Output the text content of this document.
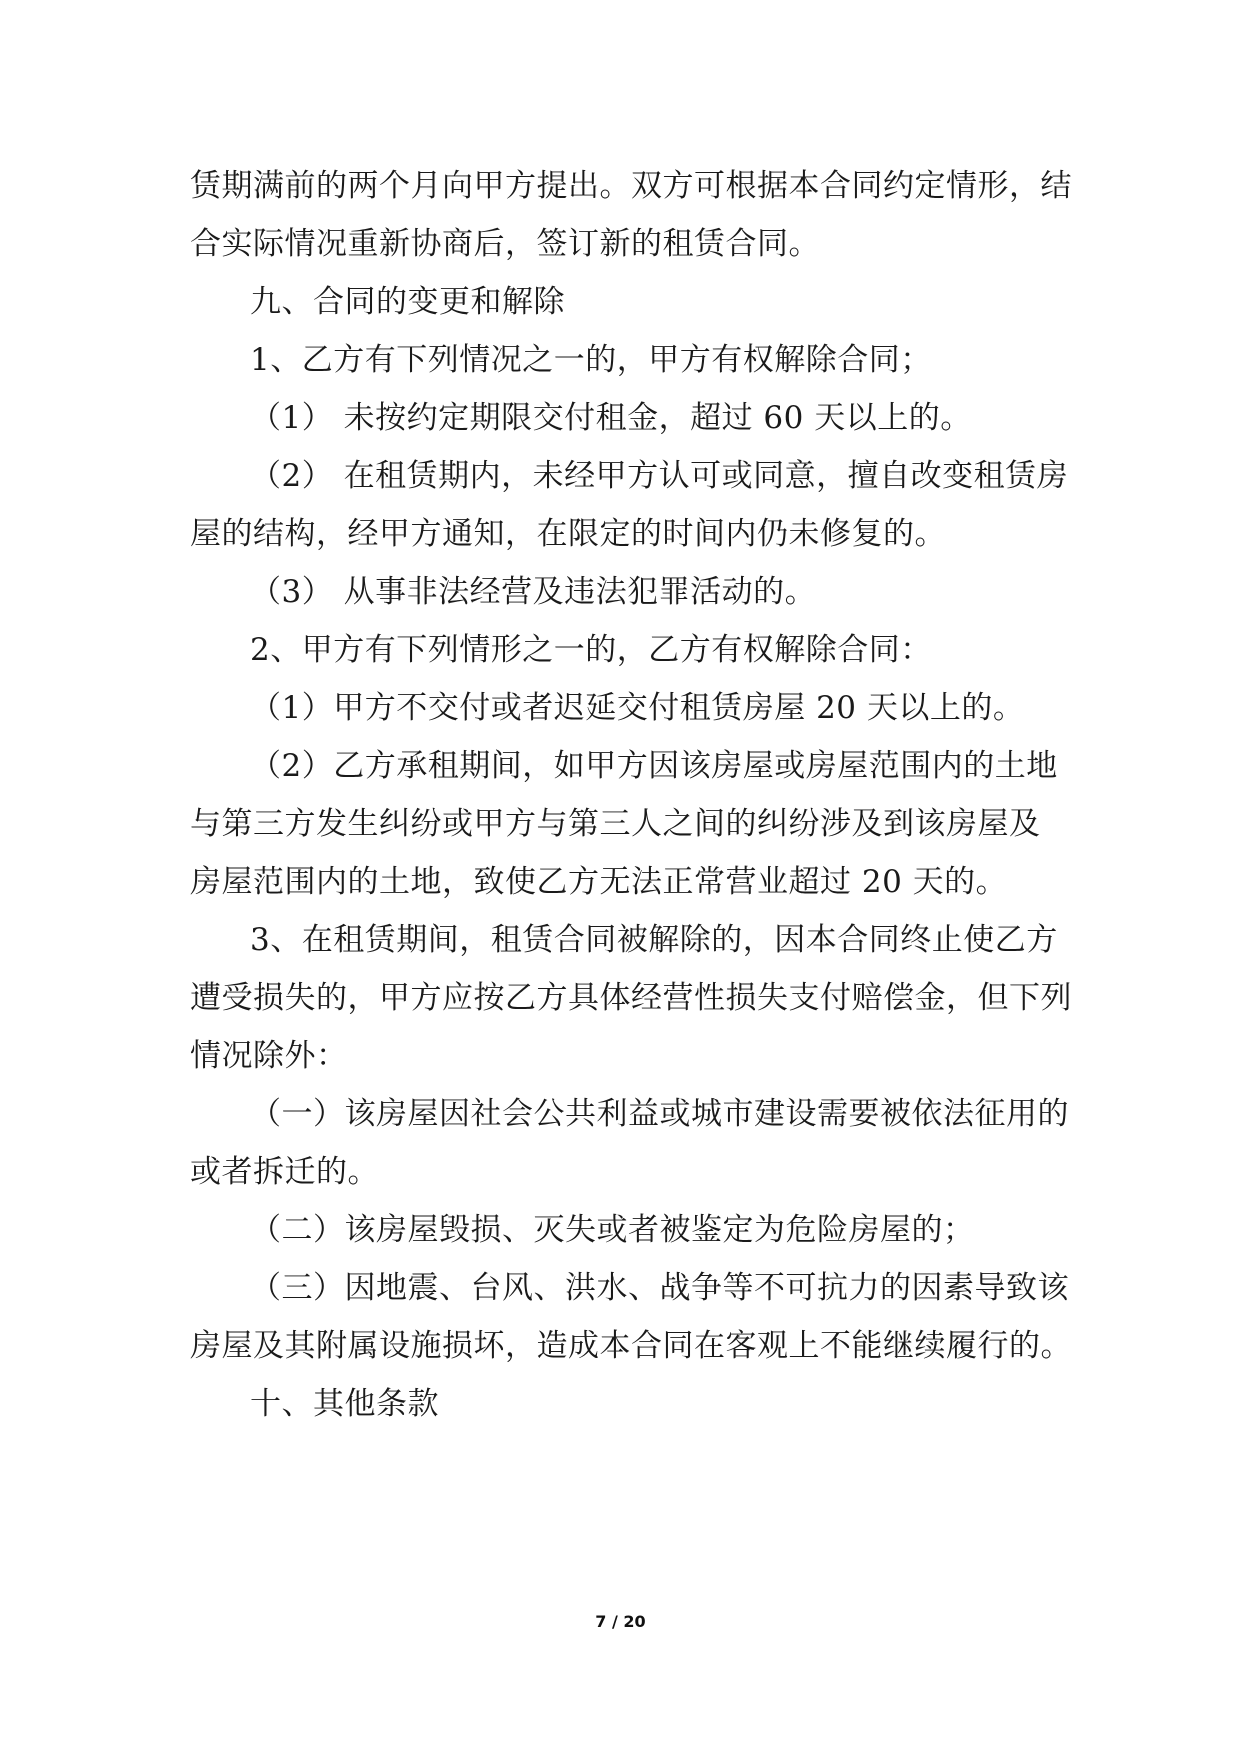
赁期满前的两个月向甲方提出。双方可根据本合同约定情形，结
合实际情况重新协商后，签订新的租赁合同。
九、合同的变更和解除
1、乙方有下列情况之一的，甲方有权解除合同；
（1） 未按约定期限交付租金，超过 60 天以上的。
（2） 在租赁期内，未经甲方认可或同意，擅自改变租赁房
屋的结构，经甲方通知，在限定的时间内仍未修复的。
（3） 从事非法经营及违法犯罪活动的。
2、甲方有下列情形之一的，乙方有权解除合同：
（1）甲方不交付或者迟延交付租赁房屋 20 天以上的。
（2）乙方承租期间，如甲方因该房屋或房屋范围内的土地
与第三方发生纠纷或甲方与第三人之间的纠纷涉及到该房屋及
房屋范围内的土地，致使乙方无法正常营业超过 20 天的。
3、在租赁期间，租赁合同被解除的，因本合同终止使乙方
遭受损失的，甲方应按乙方具体经营性损失支付赔偿金，但下列
情况除外：
（一）该房屋因社会公共利益或城市建设需要被依法征用的
或者拆迁的。
（二）该房屋毁损、灭失或者被鉴定为危险房屋的；
（三）因地震、台风、洪水、战争等不可抗力的因素导致该
房屋及其附属设施损坏，造成本合同在客观上不能继续履行的。
十、其他条款
7 / 20
